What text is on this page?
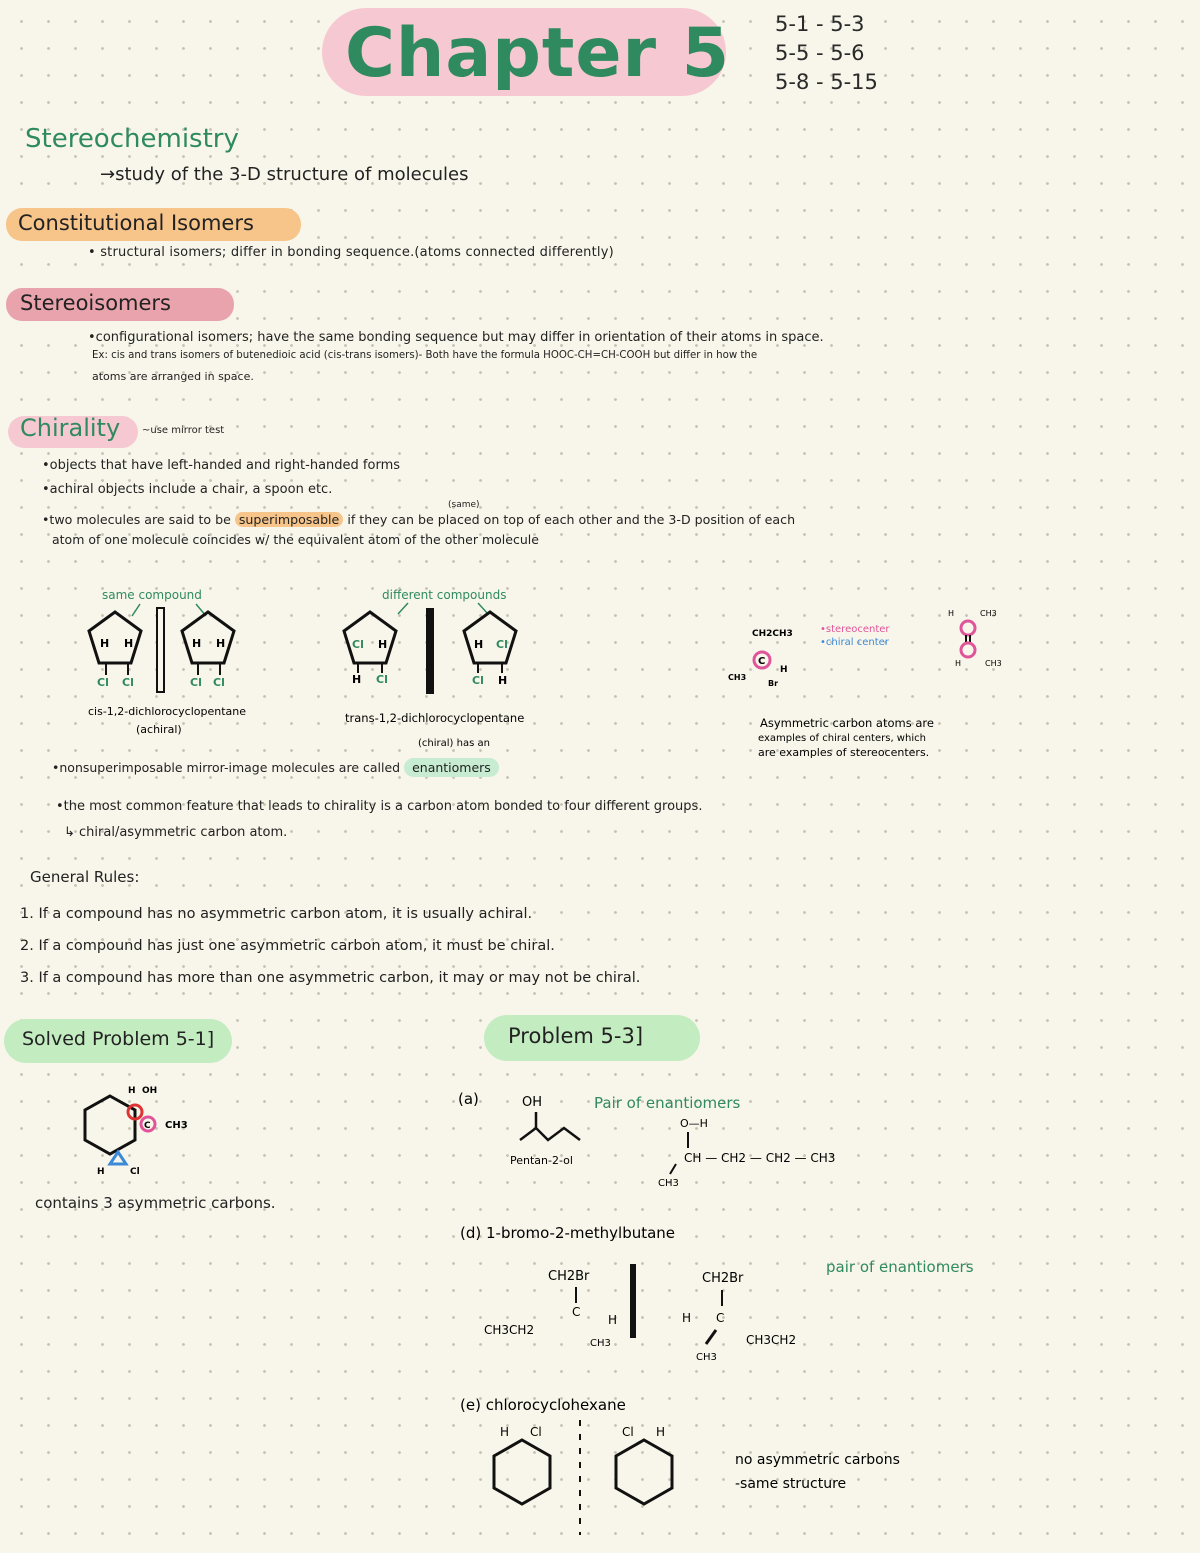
Chapter 5 5-1 - 5-3
5-5 - 5-6
5-8 - 5-15
Stereochemistry
→study of the 3-D structure of molecules
Constitutional Isomers
• structural isomers; differ in bonding sequence.(atoms connected differently)
Stereoisomers
•configurational isomers; have the same bonding sequence but may differ in orientation of their atoms in space.
Ex: cis and trans isomers of butenedioic acid (cis-trans isomers)- Both have the formula HOOC-CH=CH-COOH but differ in how the
atoms are arranged in space.
Chirality ~use mirror test
•objects that have left-handed and right-handed forms
•achiral objects include a chair, a spoon etc.
(same)
•two molecules are said to be superimposable if they can be placed on top of each other and the 3-D position of each
atom of one molecule coincides w/ the equivalent atom of the other molecule
same compound
H H
Cl Cl
H H
Cl Cl
cis-1,2-dichlorocyclopentane
(achiral)
different compounds
Cl H
H Cl
H Cl
Cl H
trans-1,2-dichlorocyclopentane
(chiral) has an
CH2CH3
C
H
CH3
Br
•stereocenter
•chiral center
H	CH3
H	CH3
Asymmetric carbon atoms are
examples of chiral centers, which
are examples of stereocenters.
•nonsuperimposable mirror-image molecules are called enantiomers
•the most common feature that leads to chirality is a carbon atom bonded to four different groups.
↳ chiral/asymmetric carbon atom.
General Rules:
1. If a compound has no asymmetric carbon atom, it is usually achiral.
2. If a compound has just one asymmetric carbon atom, it must be chiral.
3. If a compound has more than one asymmetric carbon, it may or may not be chiral.
Solved Problem 5-1]
H OH
C CH3
H	Cl
contains 3 asymmetric carbons.
Problem 5-3]
(a)	OH
Pentan-2-ol
Pair of enantiomers
O—H
CH — CH2 — CH2 — CH3
CH3
(d) 1-bromo-2-methylbutane
pair of enantiomers
CH2Br
C
H
CH3CH2
CH3
CH2Br
H C
CH3CH2
CH3
(e) chlorocyclohexane
H Cl	Cl H
no asymmetric carbons
-same structure
